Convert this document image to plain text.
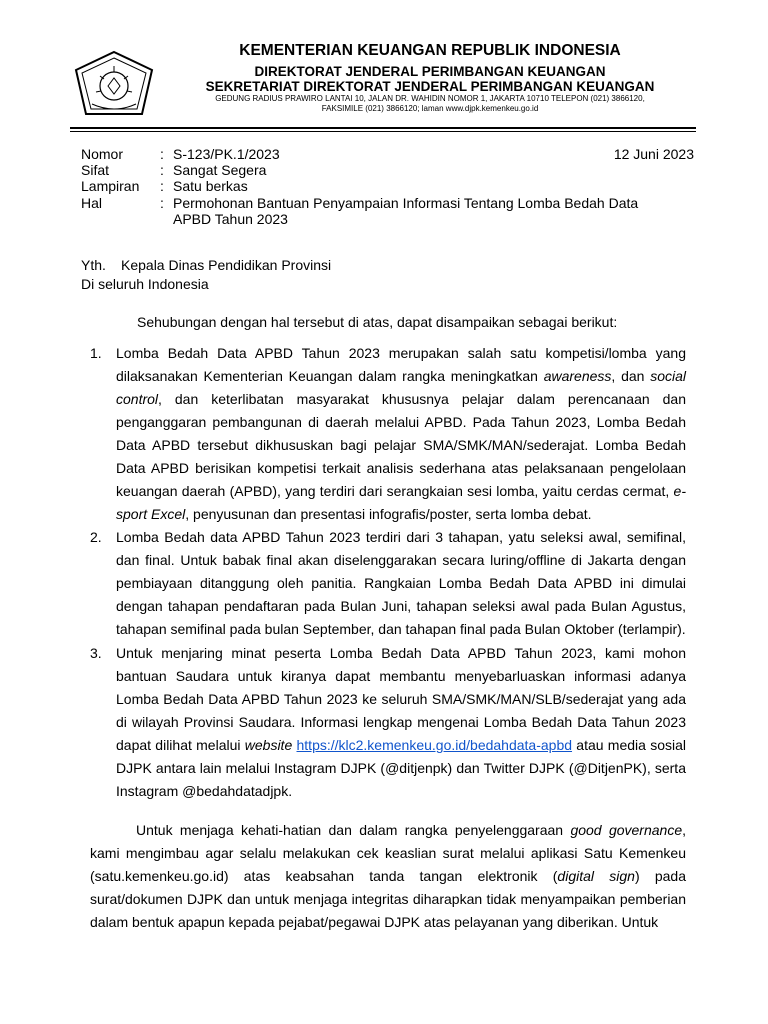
KEMENTERIAN KEUANGAN REPUBLIK INDONESIA
DIREKTORAT JENDERAL PERIMBANGAN KEUANGAN
SEKRETARIAT DIREKTORAT JENDERAL PERIMBANGAN KEUANGAN
GEDUNG RADIUS PRAWIRO LANTAI 10, JALAN DR. WAHIDIN NOMOR 1, JAKARTA 10710 TELEPON (021) 3866120,
FAKSIMILE (021) 3866120; laman www.djpk.kemenkeu.go.id
Nomor	: S-123/PK.1/2023	12 Juni 2023
Sifat	: Sangat Segera
Lampiran : Satu berkas
Hal	: Permohonan Bantuan Penyampaian Informasi Tentang Lomba Bedah Data
APBD Tahun 2023
Yth. Kepala Dinas Pendidikan Provinsi
Di seluruh Indonesia
Sehubungan dengan hal tersebut di atas, dapat disampaikan sebagai berikut:
1. Lomba Bedah Data APBD Tahun 2023 merupakan salah satu kompetisi/lomba yang dilaksanakan Kementerian Keuangan dalam rangka meningkatkan awareness, dan social control, dan keterlibatan masyarakat khususnya pelajar dalam perencanaan dan penganggaran pembangunan di daerah melalui APBD. Pada Tahun 2023, Lomba Bedah Data APBD tersebut dikhususkan bagi pelajar SMA/SMK/MAN/sederajat. Lomba Bedah Data APBD berisikan kompetisi terkait analisis sederhana atas pelaksanaan pengelolaan keuangan daerah (APBD), yang terdiri dari serangkaian sesi lomba, yaitu cerdas cermat, e-sport Excel, penyusunan dan presentasi infografis/poster, serta lomba debat.
2. Lomba Bedah data APBD Tahun 2023 terdiri dari 3 tahapan, yatu seleksi awal, semifinal, dan final. Untuk babak final akan diselenggarakan secara luring/offline di Jakarta dengan pembiayaan ditanggung oleh panitia. Rangkaian Lomba Bedah Data APBD ini dimulai dengan tahapan pendaftaran pada Bulan Juni, tahapan seleksi awal pada Bulan Agustus, tahapan semifinal pada bulan September, dan tahapan final pada Bulan Oktober (terlampir).
3. Untuk menjaring minat peserta Lomba Bedah Data APBD Tahun 2023, kami mohon bantuan Saudara untuk kiranya dapat membantu menyebarluaskan informasi adanya Lomba Bedah Data APBD Tahun 2023 ke seluruh SMA/SMK/MAN/SLB/sederajat yang ada di wilayah Provinsi Saudara. Informasi lengkap mengenai Lomba Bedah Data Tahun 2023 dapat dilihat melalui website https://klc2.kemenkeu.go.id/bedahdata-apbd atau media sosial DJPK antara lain melalui Instagram DJPK (@ditjenpk) dan Twitter DJPK (@DitjenPK), serta Instagram @bedahdatadjpk.
Untuk menjaga kehati-hatian dan dalam rangka penyelenggaraan good governance, kami mengimbau agar selalu melakukan cek keaslian surat melalui aplikasi Satu Kemenkeu (satu.kemenkeu.go.id) atas keabsahan tanda tangan elektronik (digital sign) pada surat/dokumen DJPK dan untuk menjaga integritas diharapkan tidak menyampaikan pemberian dalam bentuk apapun kepada pejabat/pegawai DJPK atas pelayanan yang diberikan. Untuk
